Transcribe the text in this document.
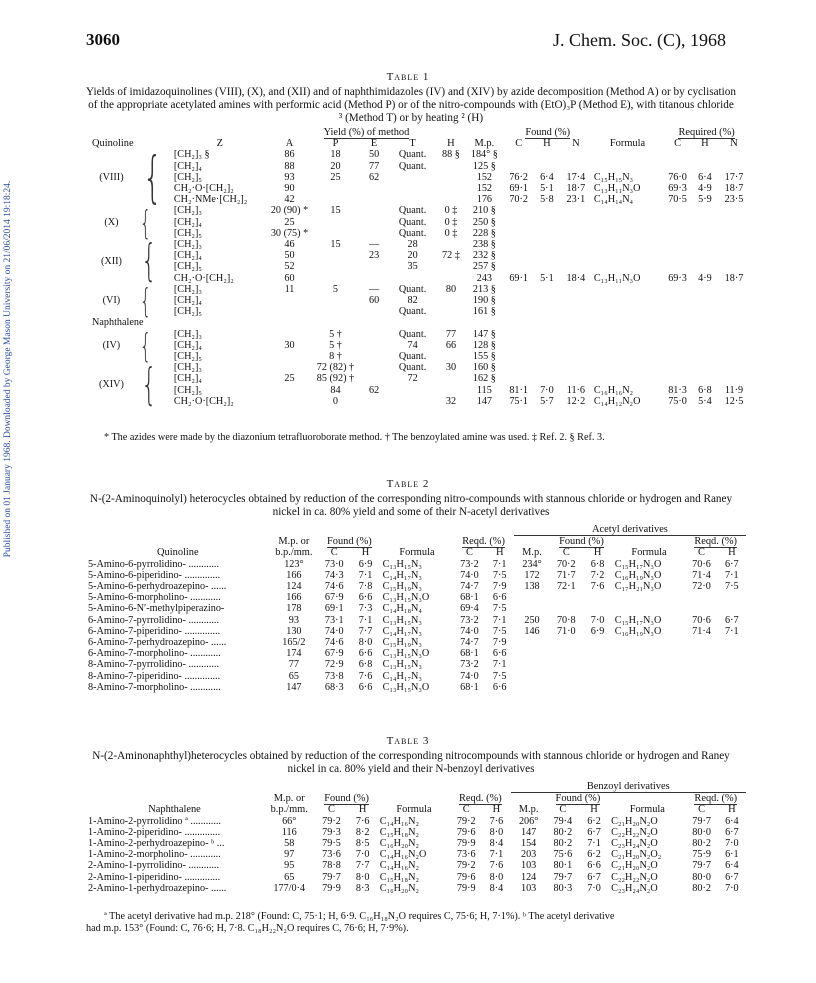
Published on 01 January 1968. Downloaded by George Mason University on 21/06/2014 19:18:24.
3060	J. Chem. Soc. (C), 1968
Table 1
Yields of imidazoquinolines (VIII), (X), and (XII) and of naphthimidazoles (IV) and (XIV) by azide decomposition (Method A) or by cyclisation of the appropriate acetylated amines with performic acid (Method P) or of the nitro-compounds with (EtO)₃P (Method E), with titanous chloride ³ (Method T) or by heating ² (H)
			Yield (%) of method						Found (%)				Required (%)		
Quinoline		Z	A	P	E	T	H	M.p.	C	H	N	Formula	C	H	N
(VIII)	{	[CH₂]₃ §	86	18	50	Quant.	88 §	184° §							
		[CH₂]₄	88	20	77	Quant.		125 §							
		[CH₂]₅	93	25	62			152	76·2	6·4	17·4	C₁₅H₁₅N₃	76·0	6·4	17·7
		CH₂·O·[CH₂]₂	90					152	69·1	5·1	18·7	C₁₃H₁₁N₃O	69·3	4·9	18·7
		CH₂·NMe·[CH₂]₂	42					176	70·2	5·8	23·1	C₁₄H₁₄N₄	70·5	5·9	23·5
(X)	{	[CH₂]₃	20 (90) *	15		Quant.	0 ‡	210 §							
		[CH₂]₄	25			Quant.	0 ‡	250 §							
		[CH₂]₅	30 (75) *			Quant.	0 ‡	228 §							
(XII)	{	[CH₂]₃	46	15	—	28		238 §							
		[CH₂]₄	50		23	20	72 ‡	232 §							
		[CH₂]₅	52			35		257 §							
		CH₂·O·[CH₂]₂	60					243	69·1	5·1	18·4	C₁₃H₁₁N₃O	69·3	4·9	18·7
(VI)	{	[CH₂]₃	11	5	—	Quant.	80	213 §							
		[CH₂]₄			60	82		190 §							
		[CH₂]₅				Quant.		161 §							
Naphthalene															
(IV)	{	[CH₂]₃		5 †		Quant.	77	147 §							
		[CH₂]₄	30	5 †		74	66	128 §							
		[CH₂]₅		8 †		Quant.		155 §							
(XIV)	{	[CH₂]₃		72 (82) †		Quant.	30	160 §							
		[CH₂]₄	25	85 (92) †		72		162 §							
		[CH₂]₅		84	62			115	81·1	7·0	11·6	C₁₆H₁₆N₂	81·3	6·8	11·9
		CH₂·O·[CH₂]₂		0			32	147	75·1	5·7	12·2	C₁₄H₁₂N₂O	75·0	5·4	12·5
* The azides were made by the diazonium tetrafluoroborate method. † The benzoylated amine was used. ‡ Ref. 2. § Ref. 3.
Table 2
N-(2-Aminoquinolyl) heterocycles obtained by reduction of the corresponding nitro-compounds with stannous chloride or hydrogen and Raney nickel in ca. 80% yield and some of their N-acetyl derivatives
							Acetyl derivatives					
	M.p. or	Found (%)			Reqd. (%)			Found (%)			Reqd. (%)	
Quinoline	b.p./mm.	C	H	Formula	C	H	M.p.	C	H	Formula	C	H
5-Amino-6-pyrrolidino- ............	123°	73·0	6·9	C₁₃H₁₅N₃	73·2	7·1	234°	70·2	6·8	C₁₅H₁₇N₃O	70·6	6·7
5-Amino-6-piperidino- ..............	166	74·3	7·1	C₁₄H₁₇N₃	74·0	7·5	172	71·7	7·2	C₁₆H₁₉N₃O	71·4	7·1
5-Amino-6-perhydroazepino- ......	124	74·6	7·8	C₁₅H₁₉N₃	74·7	7·9	138	72·1	7·6	C₁₇H₂₁N₃O	72·0	7·5
5-Amino-6-morpholino- ............	166	67·9	6·6	C₁₃H₁₅N₃O	68·1	6·6						
5-Amino-6-N′-methylpiperazino-	178	69·1	7·3	C₁₄H₁₈N₄	69·4	7·5						
6-Amino-7-pyrrolidino- ............	93	73·1	7·1	C₁₃H₁₅N₃	73·2	7·1	250	70·8	7·0	C₁₅H₁₇N₃O	70·6	6·7
6-Amino-7-piperidino- ..............	130	74·0	7·7	C₁₄H₁₇N₃	74·0	7·5	146	71·0	6·9	C₁₆H₁₉N₃O	71·4	7·1
6-Amino-7-perhydroazepino- ......	165/2	74·6	8·0	C₁₅H₁₉N₃	74·7	7·9						
6-Amino-7-morpholino- ............	174	67·9	6·6	C₁₃H₁₅N₃O	68·1	6·6						
8-Amino-7-pyrrolidino- ............	77	72·9	6·8	C₁₃H₁₅N₃	73·2	7·1						
8-Amino-7-piperidino- ..............	65	73·8	7·6	C₁₄H₁₇N₃	74·0	7·5						
8-Amino-7-morpholino- ............	147	68·3	6·6	C₁₃H₁₅N₃O	68·1	6·6						
Table 3
N-(2-Aminonaphthyl)heterocycles obtained by reduction of the corresponding nitrocompounds with stannous chloride or hydrogen and Raney nickel in ca. 80% yield and their N-benzoyl derivatives
							Benzoyl derivatives					
	M.p. or	Found (%)			Reqd. (%)			Found (%)			Reqd. (%)	
Naphthalene	b.p./mm.	C	H	Formula	C	H	M.p.	C	H	Formula	C	H
1-Amino-2-pyrrolidino ª ............	66°	79·2	7·6	C₁₄H₁₆N₂	79·2	7·6	206°	79·4	6·2	C₂₁H₂₀N₂O	79·7	6·4
1-Amino-2-piperidino- ..............	116	79·3	8·2	C₁₅H₁₈N₂	79·6	8·0	147	80·2	6·7	C₂₂H₂₂N₂O	80·0	6·7
1-Amino-2-perhydroazepino- ᵇ ...	58	79·5	8·5	C₁₆H₂₀N₂	79·9	8·4	154	80·2	7·1	C₂₃H₂₄N₂O	80·2	7·0
1-Amino-2-morpholino- ............	97	73·6	7·0	C₁₄H₁₆N₂O	73·6	7·1	203	75·6	6·2	C₂₁H₂₀N₂O₂	75·9	6·1
2-Amino-1-pyrrolidino- ............	95	78·8	7·7	C₁₄H₁₆N₂	79·2	7·6	103	80·1	6·6	C₂₁H₂₀N₂O	79·7	6·4
2-Amino-1-piperidino- ..............	65	79·7	8·0	C₁₅H₁₈N₂	79·6	8·0	124	79·7	6·7	C₂₂H₂₂N₂O	80·0	6·7
2-Amino-1-perhydroazepino- ......	177/0·4	79·9	8·3	C₁₆H₂₀N₂	79·9	8·4	103	80·3	7·0	C₂₃H₂₄N₂O	80·2	7·0
ª The acetyl derivative had m.p. 218° (Found: C, 75·1; H, 6·9. C₁₆H₁₈N₂O requires C, 75·6; H, 7·1%). ᵇ The acetyl derivative
had m.p. 153° (Found: C, 76·6; H, 7·8. C₁₈H₂₂N₂O requires C, 76·6; H, 7·9%).
